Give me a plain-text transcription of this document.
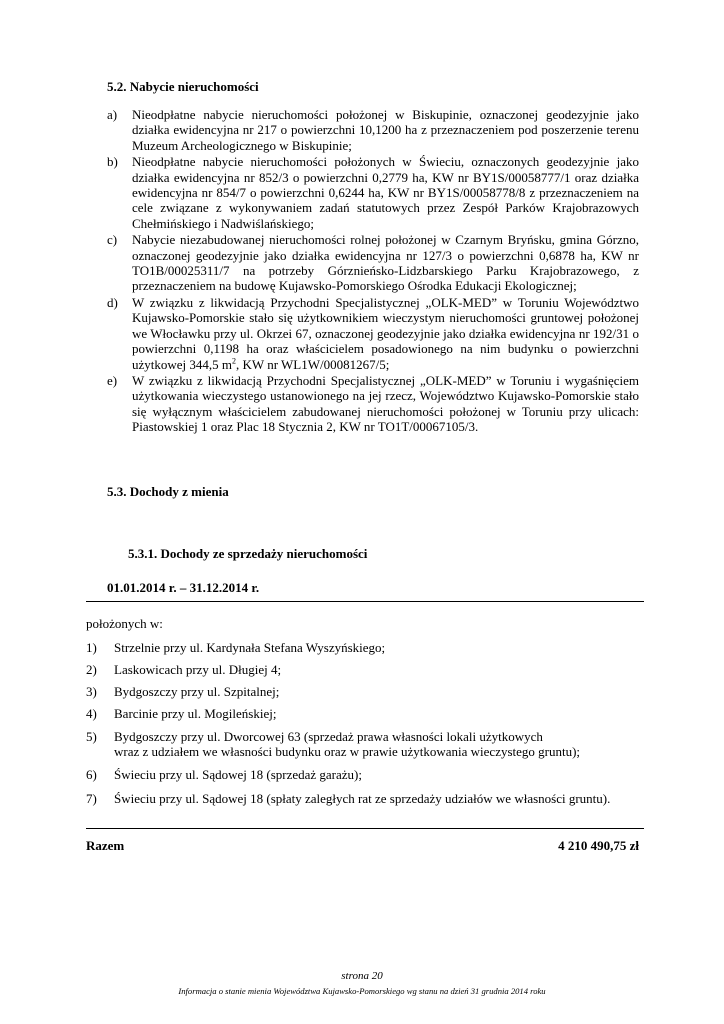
5.2. Nabycie nieruchomości
a)	Nieodpłatne nabycie nieruchomości położonej w Biskupinie, oznaczonej geodezyjnie jako działka ewidencyjna nr 217 o powierzchni 10,1200 ha z przeznaczeniem pod poszerzenie terenu Muzeum Archeologicznego w Biskupinie;
b)	Nieodpłatne nabycie nieruchomości położonych w Świeciu, oznaczonych geodezyjnie jako działka ewidencyjna nr 852/3 o powierzchni 0,2779 ha, KW nr BY1S/00058777/1 oraz działka ewidencyjna nr 854/7 o powierzchni 0,6244 ha, KW nr BY1S/00058778/8 z przeznaczeniem na cele związane z wykonywaniem zadań statutowych przez Zespół Parków Krajobrazowych Chełmińskiego i Nadwiślańskiego;
c)	Nabycie niezabudowanej nieruchomości rolnej położonej w Czarnym Bryńsku, gmina Górzno, oznaczonej geodezyjnie jako działka ewidencyjna nr 127/3 o powierzchni 0,6878 ha, KW nr TO1B/00025311/7 na potrzeby Górznieńsko-Lidzbarskiego Parku Krajobrazowego, z przeznaczeniem na budowę Kujawsko-Pomorskiego Ośrodka Edukacji Ekologicznej;
d)	W związku z likwidacją Przychodni Specjalistycznej „OLK-MED” w Toruniu Województwo Kujawsko-Pomorskie stało się użytkownikiem wieczystym nieruchomości gruntowej położonej we Włocławku przy ul. Okrzei 67, oznaczonej geodezyjnie jako działka ewidencyjna nr 192/31 o powierzchni 0,1198 ha oraz właścicielem posadowionego na nim budynku o powierzchni użytkowej 344,5 $m^2$, KW nr WL1W/00081267/5;
e)	W związku z likwidacją Przychodni Specjalistycznej „OLK-MED” w Toruniu i wygaśnięciem użytkowania wieczystego ustanowionego na jej rzecz, Województwo Kujawsko-Pomorskie stało się wyłącznym właścicielem zabudowanej nieruchomości położonej w Toruniu przy ulicach: Piastowskiej 1 oraz Plac 18 Stycznia 2, KW nr TO1T/00067105/3.
5.3. Dochody z mienia
5.3.1. Dochody ze sprzedaży nieruchomości
01.01.2014 r. – 31.12.2014 r.
położonych w:
1) Strzelnie przy ul. Kardynała Stefana Wyszyńskiego;
2) Laskowicach przy ul. Długiej 4;
3) Bydgoszczy przy ul. Szpitalnej;
4) Barcinie przy ul. Mogileńskiej;
5) Bydgoszczy przy ul. Dworcowej 63 (sprzedaż prawa własności lokali użytkowych
wraz z udziałem we własności budynku oraz w prawie użytkowania wieczystego gruntu);
6) Świeciu przy ul. Sądowej 18 (sprzedaż garażu);
7) Świeciu przy ul. Sądowej 18 (spłaty zaległych rat ze sprzedaży udziałów we własności gruntu).
Razem	4 210 490,75 zł
strona 20
Informacja o stanie mienia Województwa Kujawsko-Pomorskiego wg stanu na dzień 31 grudnia 2014 roku
